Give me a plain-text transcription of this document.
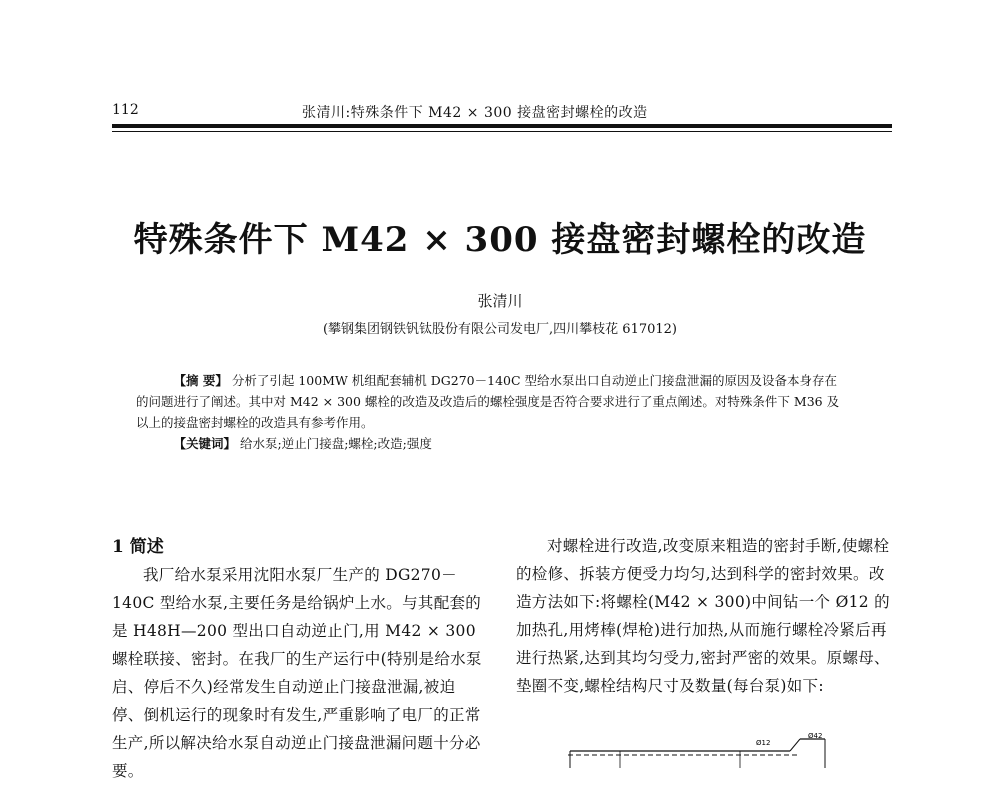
112	张清川:特殊条件下 M42 × 300 接盘密封螺栓的改造
特殊条件下 M42 × 300 接盘密封螺栓的改造
张清川
(攀钢集团钢铁钒钛股份有限公司发电厂,四川攀枝花 617012)

【摘 要】 分析了引起 100MW 机组配套辅机 DG270－140C 型给水泵出口自动逆止门接盘泄漏的原因及设备本身存在的问题进行了阐述。其中对 M42 × 300 螺栓的改造及改造后的螺栓强度是否符合要求进行了重点阐述。对特殊条件下 M36 及以上的接盘密封螺栓的改造具有参考作用。

【关键词】 给水泵;逆止门接盘;螺栓;改造;强度

1 简述

我厂给水泵采用沈阳水泵厂生产的 DG270－140C 型给水泵,主要任务是给锅炉上水。与其配套的是 H48H—200 型出口自动逆止门,用 M42 × 300 螺栓联接、密封。在我厂的生产运行中(特别是给水泵启、停后不久)经常发生自动逆止门接盘泄漏,被迫停、倒机运行的现象时有发生,严重影响了电厂的正常生产,所以解决给水泵自动逆止门接盘泄漏问题十分必要。

对螺栓进行改造,改变原来粗造的密封手断,使螺栓的检修、拆装方便受力均匀,达到科学的密封效果。改造方法如下:将螺栓(M42 × 300)中间钻一个 Ø12 的加热孔,用烤棒(焊枪)进行加热,从而施行螺栓冷紧后再进行热紧,达到其均匀受力,密封严密的效果。原螺母、垫圈不变,螺栓结构尺寸及数量(每台泵)如下:

Ø42
Ø12
